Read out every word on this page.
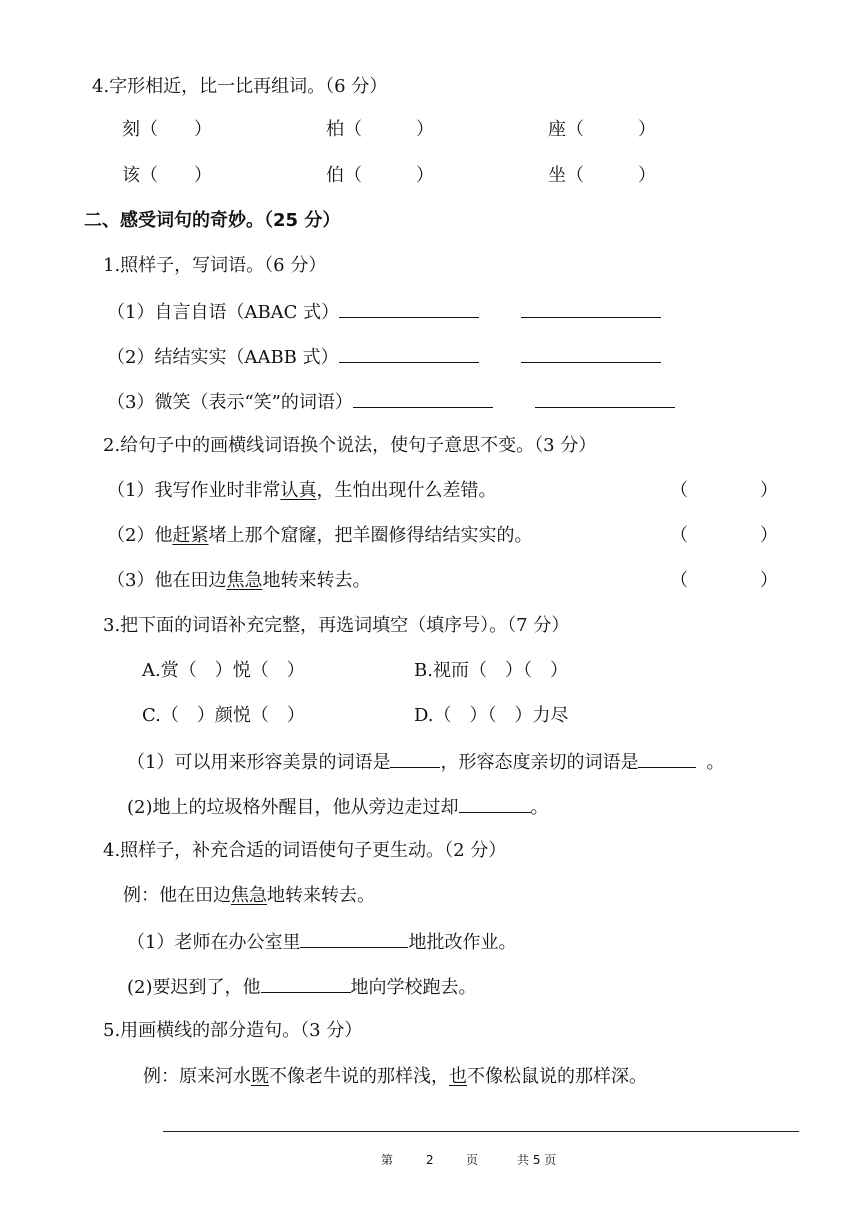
4.字形相近，比一比再组词。（6 分）
刻（　　）	柏（　　　）	座（　　　）
该（　　）	伯（　　　）	坐（　　　）
二、感受词句的奇妙。（25 分）
1.照样子，写词语。（6 分）
（1）自言自语（ABAC 式）
（2）结结实实（AABB 式）
（3）微笑（表示“笑”的词语）
2.给句子中的画横线词语换个说法，使句子意思不变。（3 分）
（1）我写作业时非常认真，生怕出现什么差错。	（　　　　）
（2）他赶紧堵上那个窟窿，把羊圈修得结结实实的。	（　　　　）
（3）他在田边焦急地转来转去。	（　　　　）
3.把下面的词语补充完整，再选词填空（填序号）。（7 分）
A.赏（　）悦（　）	B.视而（　）（　）
C.（　）颜悦（　）	D.（　）（　）力尽
（1）可以用来形容美景的词语是	，形容态度亲切的词语是	。
(2)地上的垃圾格外醒目，他从旁边走过却	。
4.照样子，补充合适的词语使句子更生动。（2 分）
例：他在田边焦急地转来转去。
（1）老师在办公室里	地批改作业。
(2)要迟到了，他	地向学校跑去。
5.用画横线的部分造句。（3 分）
例：原来河水既不像老牛说的那样浅，也不像松鼠说的那样深。
第	2	页	共 5 页
